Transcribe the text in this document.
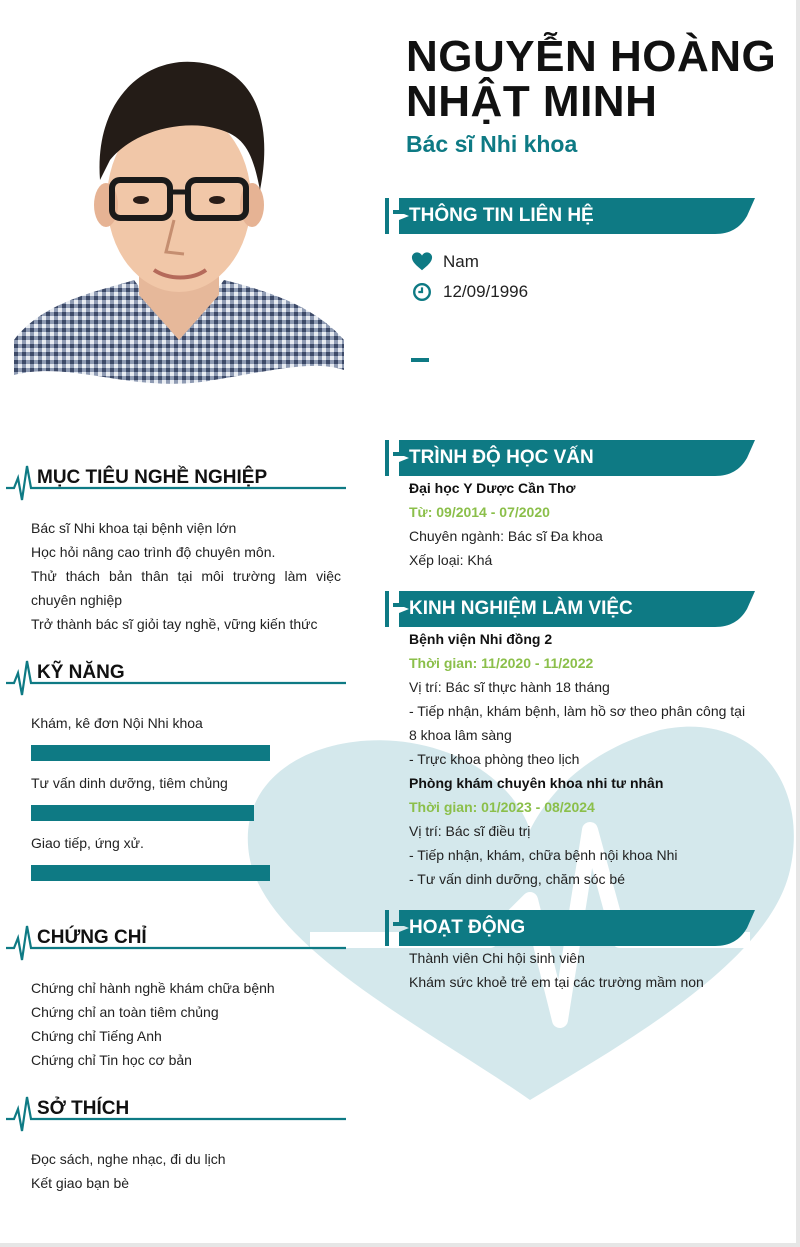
NGUYỄN HOÀNG
NHẬT MINH
Bác sĩ Nhi khoa
THÔNG TIN LIÊN HỆ
Nam
12/09/1996
TRÌNH ĐỘ HỌC VẤN
Đại học Y Dược Cần Thơ
Từ: 09/2014 - 07/2020
Chuyên ngành: Bác sĩ Đa khoa
Xếp loại: Khá
KINH NGHIỆM LÀM VIỆC
Bệnh viện Nhi đồng 2
Thời gian: 11/2020 - 11/2022
Vị trí: Bác sĩ thực hành 18 tháng
- Tiếp nhận, khám bệnh, làm hồ sơ theo phân công tại 8 khoa lâm sàng
- Trực khoa phòng theo lịch
Phòng khám chuyên khoa nhi tư nhân
Thời gian: 01/2023 - 08/2024
Vị trí: Bác sĩ điều trị
- Tiếp nhận, khám, chữa bệnh nội khoa Nhi
- Tư vấn dinh dưỡng, chăm sóc bé
HOẠT ĐỘNG
Thành viên Chi hội sinh viên
Khám sức khoẻ trẻ em tại các trường mầm non
MỤC TIÊU NGHỀ NGHIỆP
Bác sĩ Nhi khoa tại bệnh viện lớn
Học hỏi nâng cao trình độ chuyên môn.
Thử thách bản thân tại môi trường làm việc chuyên nghiệp
Trở thành bác sĩ giỏi tay nghề, vững kiến thức
KỸ NĂNG
Khám, kê đơn Nội Nhi khoa
Tư vấn dinh dưỡng, tiêm chủng
Giao tiếp, ứng xử.
CHỨNG CHỈ
Chứng chỉ hành nghề khám chữa bệnh
Chứng chỉ an toàn tiêm chủng
Chứng chỉ Tiếng Anh
Chứng chỉ Tin học cơ bản
SỞ THÍCH
Đọc sách, nghe nhạc, đi du lịch
Kết giao bạn bè
